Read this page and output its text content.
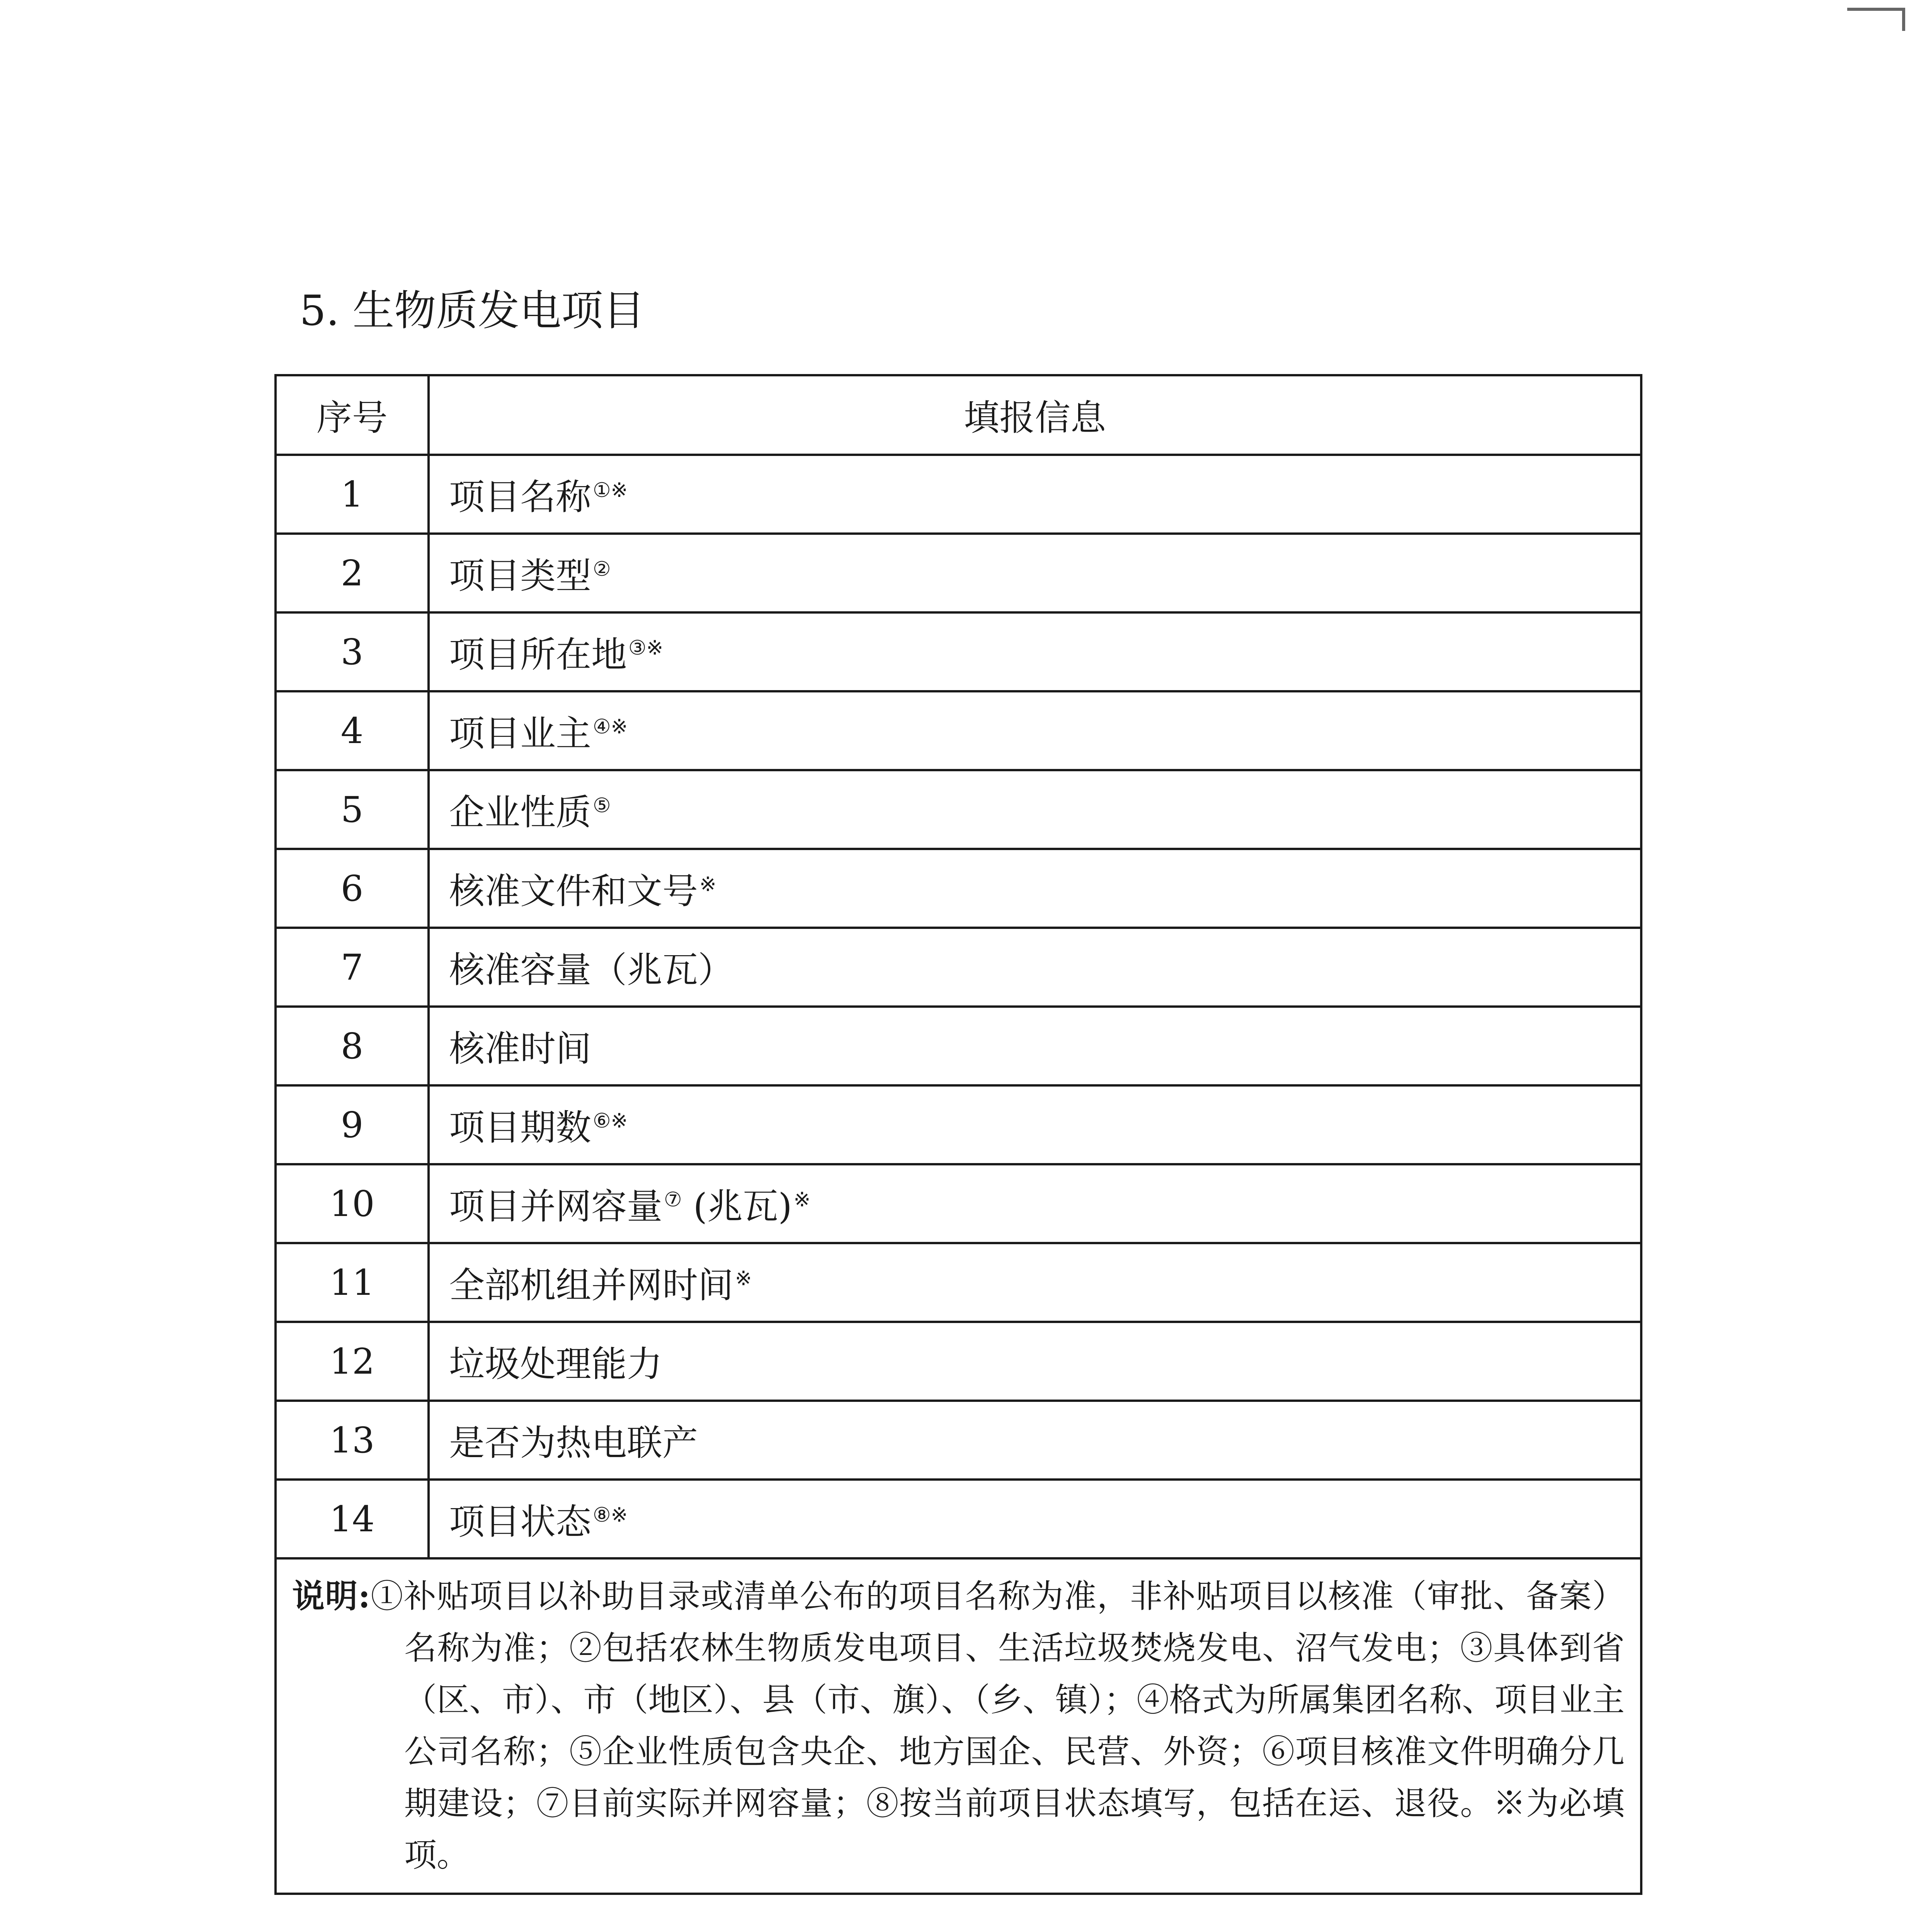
5. 生物质发电项目
序号	填报信息
1	项目名称①※
2	项目类型②
3	项目所在地③※
4	项目业主④※
5	企业性质⑤
6	核准文件和文号※
7	核准容量（兆瓦）
8	核准时间
9	项目期数⑥※
10	项目并网容量⑦ (兆瓦)※
11	全部机组并网时间※
12	垃圾处理能力
13	是否为热电联产
14	项目状态⑧※

说明:①补贴项目以补助目录或清单公布的项目名称为准，非补贴项目以核准（审批、备案）名称为准；②包括农林生物质发电项目、生活垃圾焚烧发电、沼气发电；③具体到省（区、市）、市（地区）、县（市、旗）、（乡、镇）；④格式为所属集团名称、项目业主公司名称；⑤企业性质包含央企、地方国企、民营、外资；⑥项目核准文件明确分几期建设；⑦目前实际并网容量；⑧按当前项目状态填写，包括在运、退役。※为必填项。	
